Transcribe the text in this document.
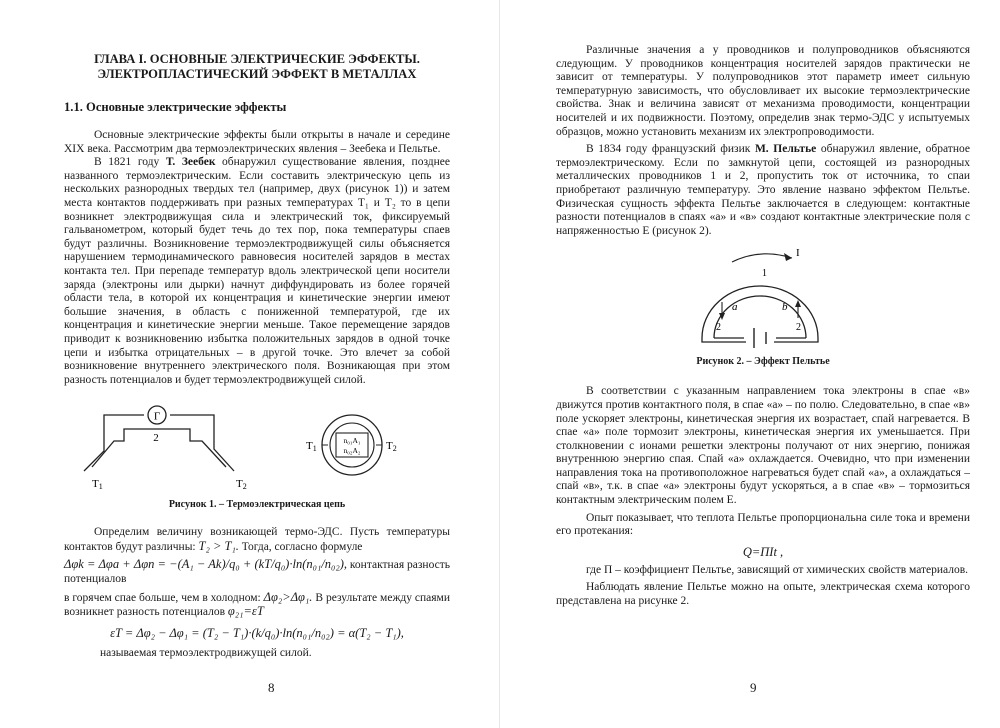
ГЛАВА I. ОСНОВНЫЕ ЭЛЕКТРИЧЕСКИЕ ЭФФЕКТЫ.
ЭЛЕКТРОПЛАСТИЧЕСКИЙ ЭФФЕКТ В МЕТАЛЛАХ
1.1. Основные электрические эффекты

Основные электрические эффекты были открыты в начале и середине XIX века. Рассмотрим два термоэлектрических явления – Зеебека и Пельтье.

В 1821 году Т. Зеебек обнаружил существование явления, позднее названного термоэлектрическим. Если составить электрическую цепь из нескольких разнородных твердых тел (например, двух (рисунок 1)) и затем места контактов поддерживать при разных температурах T₁ и T₂ то в цепи возникнет электродвижущая сила и электрический ток, фиксируемый гальванометром, который будет течь до тех пор, пока температуры спаев будут различны. Возникновение термоэлектродвижущей силы объясняется нарушением термодинамического равновесия носителей зарядов в местах контакта тел. При перепаде температур вдоль электрической цепи носители заряда (электроны или дырки) начнут диффундировать из более горячей области тела, в которой их концентрация и кинетические энергии имеют большие значения, в область с пониженной температурой, где их концентрация и кинетические энергии меньше. Такое перемещение зарядов приводит к возникновению избытка положительных зарядов в одной точке цепи и избытка отрицательных – в другой точке. Это влечет за собой возникновение внутреннего электрического поля. Возникающая при этом разность потенциалов и будет термоэлектродвижущей силой.

Г
2
T1	T2
n₀₁A₁
n₀₂A₂
T1	T2
Рисунок 1. – Термоэлектрическая цепь

Определим величину возникающей термо-ЭДС. Пусть температуры контактов будут различны: T₂ > T₁. Тогда, согласно формуле

Δφk = Δφa + Δφn = −(A₁ − Ak)/q₀ + (kT/q₀)·ln(n₀₁/n₀₂), контактная разность потенциалов

в горячем спае больше, чем в холодном: Δφ₂>Δφ₁. В результате между спаями возникнет разность потенциалов φ₂₁=εT

εT = Δφ₂ − Δφ₁ = (T₂ − T₁)·(k/q₀)·ln(n₀₁/n₀₂) = α(T₂ − T₁),

называемая термоэлектродвижущей силой.

8

Различные значения a у проводников и полупроводников объясняются следующим. У проводников концентрация носителей зарядов практически не зависит от температуры. У полупроводников этот параметр имеет сильную температурную зависимость, что обусловливает их высокие термоэлектрические свойства. Знак и величина зависят от механизма проводимости, концентрации носителей и их подвижности. Поэтому, определив знак термо-ЭДС у испытуемых образцов, можно установить механизм их электропроводимости.

В 1834 году французский физик М. Пельтье обнаружил явление, обратное термоэлектрическому. Если по замкнутой цепи, состоящей из разнородных металлических проводников 1 и 2, пропустить ток от источника, то спаи приобретают различную температуру. Это явление названо эффектом Пельтье. Физическая сущность эффекта Пельтье заключается в следующем: контактные разности потенциалов в спаях «а» и «в» создают контактные электрические поля с напряженностью E (рисунок 2).

I
1
a	b
2	2
Рисунок 2. – Эффект Пельтье

В соответствии с указанным направлением тока электроны в спае «в» движутся против контактного поля, в спае «а» – по полю. Следовательно, в спае «в» поле ускоряет электроны, кинетическая энергия их возрастает, спай нагревается. В спае «а» поле тормозит электроны, кинетическая энергия их уменьшается. При столкновении с ионами решетки электроны получают от них энергию, понижая внутреннюю энергию спая. Спай «а» охлаждается. Очевидно, что при изменении направления тока на противоположное нагреваться будет спай «а», а охлаждаться – спай «в», т.к. в спае «а» электроны будут ускоряться, а в спае «в» – тормозиться контактным электрическим полем E.

Опыт показывает, что теплота Пельтье пропорциональна силе тока и времени его протекания:

Q=ΠIt ,

где Π – коэффициент Пельтье, зависящий от химических свойств материалов.

Наблюдать явление Пельтье можно на опыте, электрическая схема которого представлена на рисунке 2.

9
